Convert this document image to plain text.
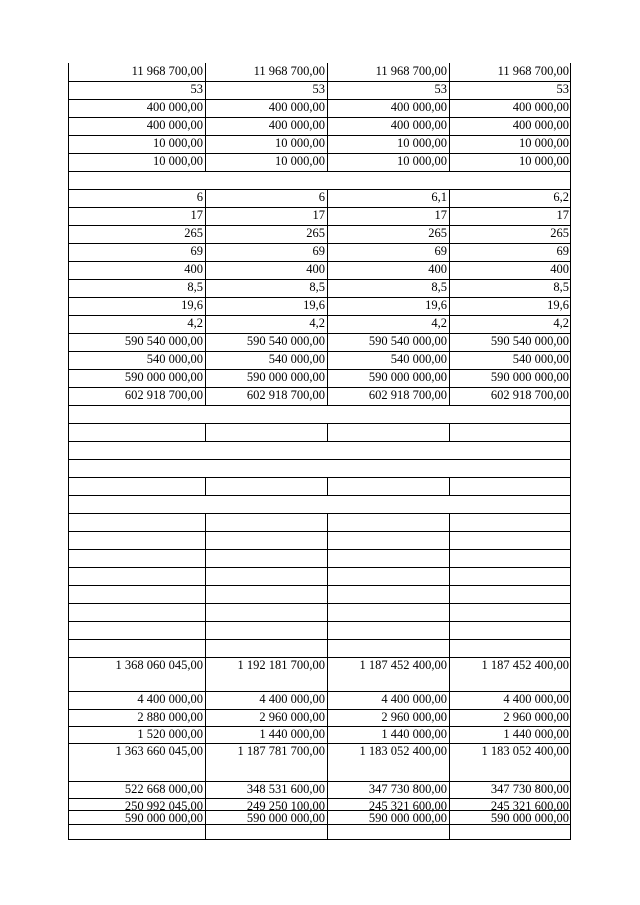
11 968 700,00	11 968 700,00	11 968 700,00	11 968 700,00
53	53	53	53
400 000,00	400 000,00	400 000,00	400 000,00
400 000,00	400 000,00	400 000,00	400 000,00
10 000,00	10 000,00	10 000,00	10 000,00
10 000,00	10 000,00	10 000,00	10 000,00
6	6	6,1	6,2
17	17	17	17
265	265	265	265
69	69	69	69
400	400	400	400
8,5	8,5	8,5	8,5
19,6	19,6	19,6	19,6
4,2	4,2	4,2	4,2
590 540 000,00	590 540 000,00	590 540 000,00	590 540 000,00
540 000,00	540 000,00	540 000,00	540 000,00
590 000 000,00	590 000 000,00	590 000 000,00	590 000 000,00
602 918 700,00	602 918 700,00	602 918 700,00	602 918 700,00
1 368 060 045,00	1 192 181 700,00	1 187 452 400,00	1 187 452 400,00
4 400 000,00	4 400 000,00	4 400 000,00	4 400 000,00
2 880 000,00	2 960 000,00	2 960 000,00	2 960 000,00
1 520 000,00	1 440 000,00	1 440 000,00	1 440 000,00
1 363 660 045,00	1 187 781 700,00	1 183 052 400,00	1 183 052 400,00
522 668 000,00	348 531 600,00	347 730 800,00	347 730 800,00
250 992 045,00	249 250 100,00	245 321 600,00	245 321 600,00
590 000 000,00	590 000 000,00	590 000 000,00	590 000 000,00
